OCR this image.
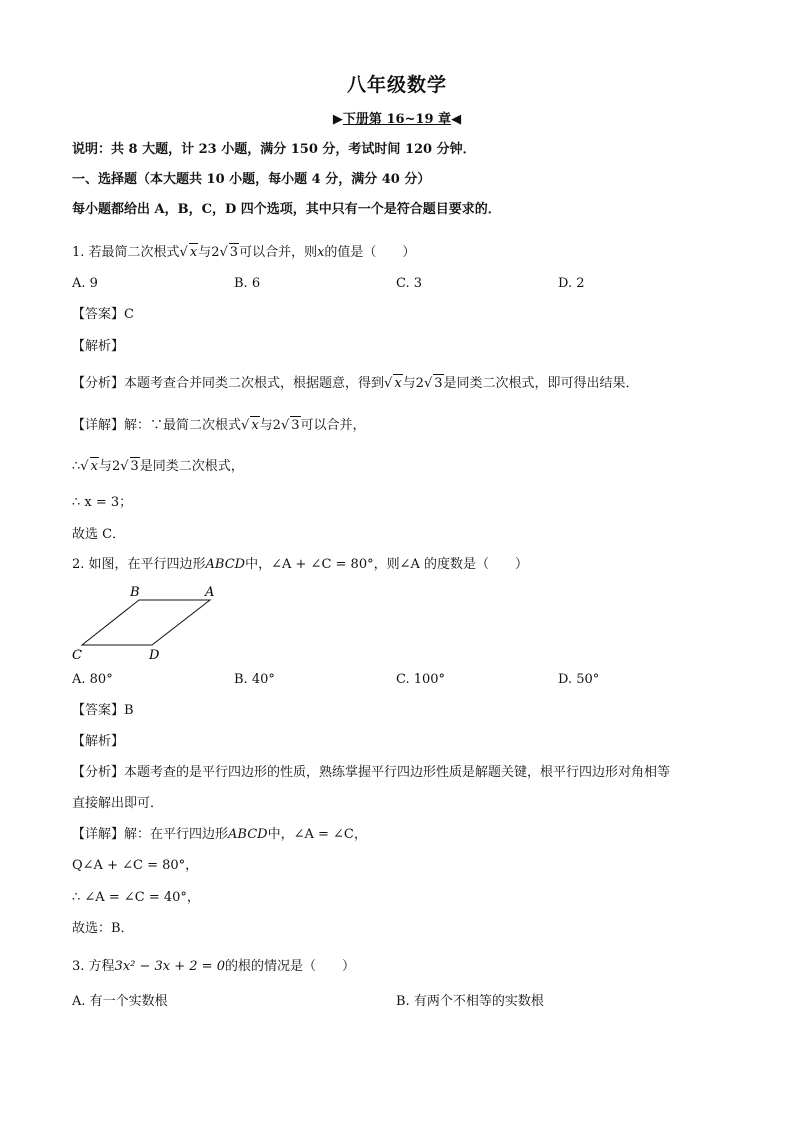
八年级数学
▶下册第 16~19 章◀
说明：共 8 大题，计 23 小题，满分 150 分，考试时间 120 分钟．
一、选择题（本大题共 10 小题，每小题 4 分，满分 40 分）
每小题都给出 A，B，C，D 四个选项，其中只有一个是符合题目要求的．
1. 若最简二次根式√ x与2√ 3可以合并，则x的值是（　　）
A. 9	B. 6	C. 3	D. 2
【答案】C
【解析】
【分析】本题考查合并同类二次根式，根据题意，得到√ x与2√ 3是同类二次根式，即可得出结果．
【详解】解：∵最简二次根式√ x与2√ 3可以合并，
∴√ x与2√ 3是同类二次根式，
∴ x = 3；
故选 C．
2. 如图，在平行四边形ABCD中，∠A + ∠C = 80°，则∠A 的度数是（　　）
B	A
C	D
A. 80°	B. 40°	C. 100°	D. 50°
【答案】B
【解析】
【分析】本题考查的是平行四边形的性质，熟练掌握平行四边形性质是解题关键，根平行四边形对角相等
直接解出即可．
【详解】解：在平行四边形ABCD中，∠A = ∠C，
Q∠A + ∠C = 80°，
∴ ∠A = ∠C = 40°，
故选：B．
3. 方程3x² − 3x + 2 = 0的根的情况是（　　）
A. 有一个实数根	B. 有两个不相等的实数根
